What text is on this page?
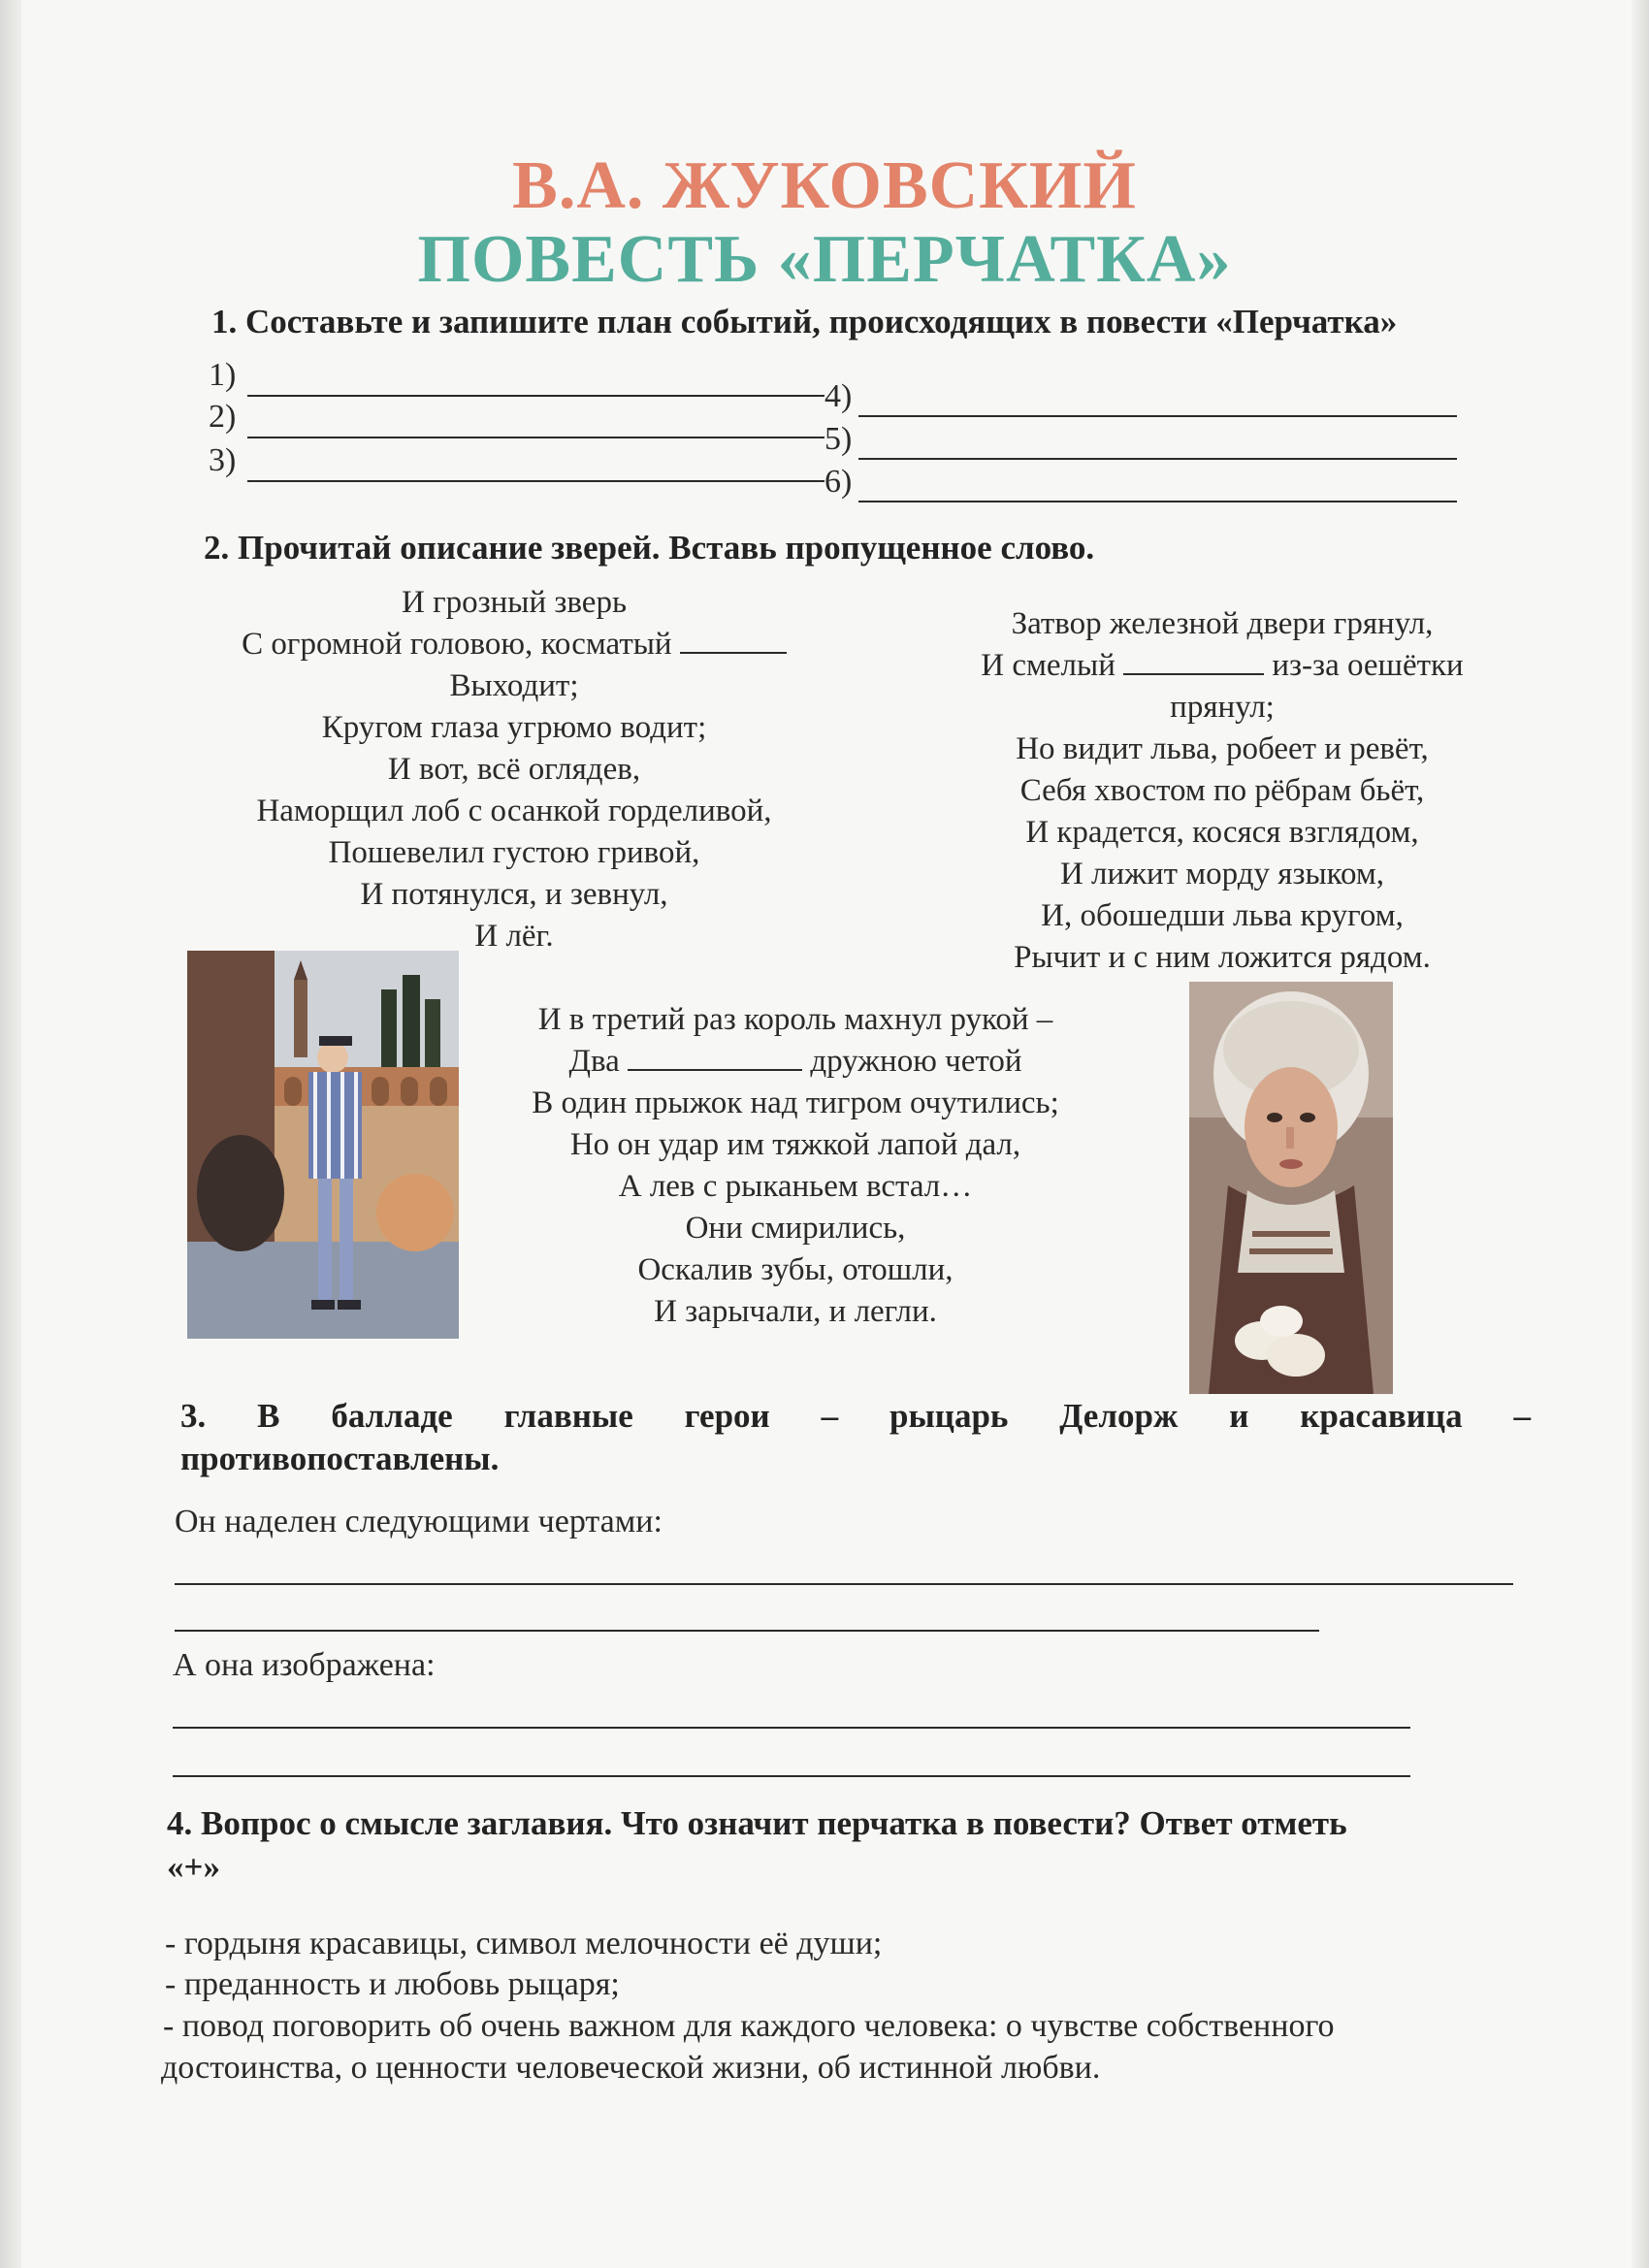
В.А. ЖУКОВСКИЙ
ПОВЕСТЬ «ПЕРЧАТКА»
1. Составьте и запишите план событий, происходящих в повести «Перчатка»
1)
2)
3)
4)
5)
6)
2. Прочитай описание зверей. Вставь пропущенное слово.
И грозный зверь
С огромной головою, косматый
Выходит;
Кругом глаза угрюмо водит;
И вот, всё оглядев,
Наморщил лоб с осанкой горделивой,
Пошевелил густою гривой,
И потянулся, и зевнул,
И лёг.
Затвор железной двери грянул,
И смелый	из-за оешётки
прянул;
Но видит льва, робеет и ревёт,
Себя хвостом по рёбрам бьёт,
И крадется, косяся взглядом,
И лижит морду языком,
И, обошедши льва кругом,
Рычит и с ним ложится рядом.
И в третий раз король махнул рукой –
Два	дружною четой
В один прыжок над тигром очутились;
Но он удар им тяжкой лапой дал,
А лев с рыканьем встал…
Они смирились,
Оскалив зубы, отошли,
И зарычали, и легли.
3. В балладе главные герои – рыцарь Делорж и красавица –
противопоставлены.
Он наделен следующими чертами:
А она изображена:
4. Вопрос о смысле заглавия. Что означит перчатка в повести? Ответ отметь
«+»
- гордыня красавицы, символ мелочности её души;
- преданность и любовь рыцаря;
- повод поговорить об очень важном для каждого человека: о чувстве собственного
достоинства, о ценности человеческой жизни, об истинной любви.
